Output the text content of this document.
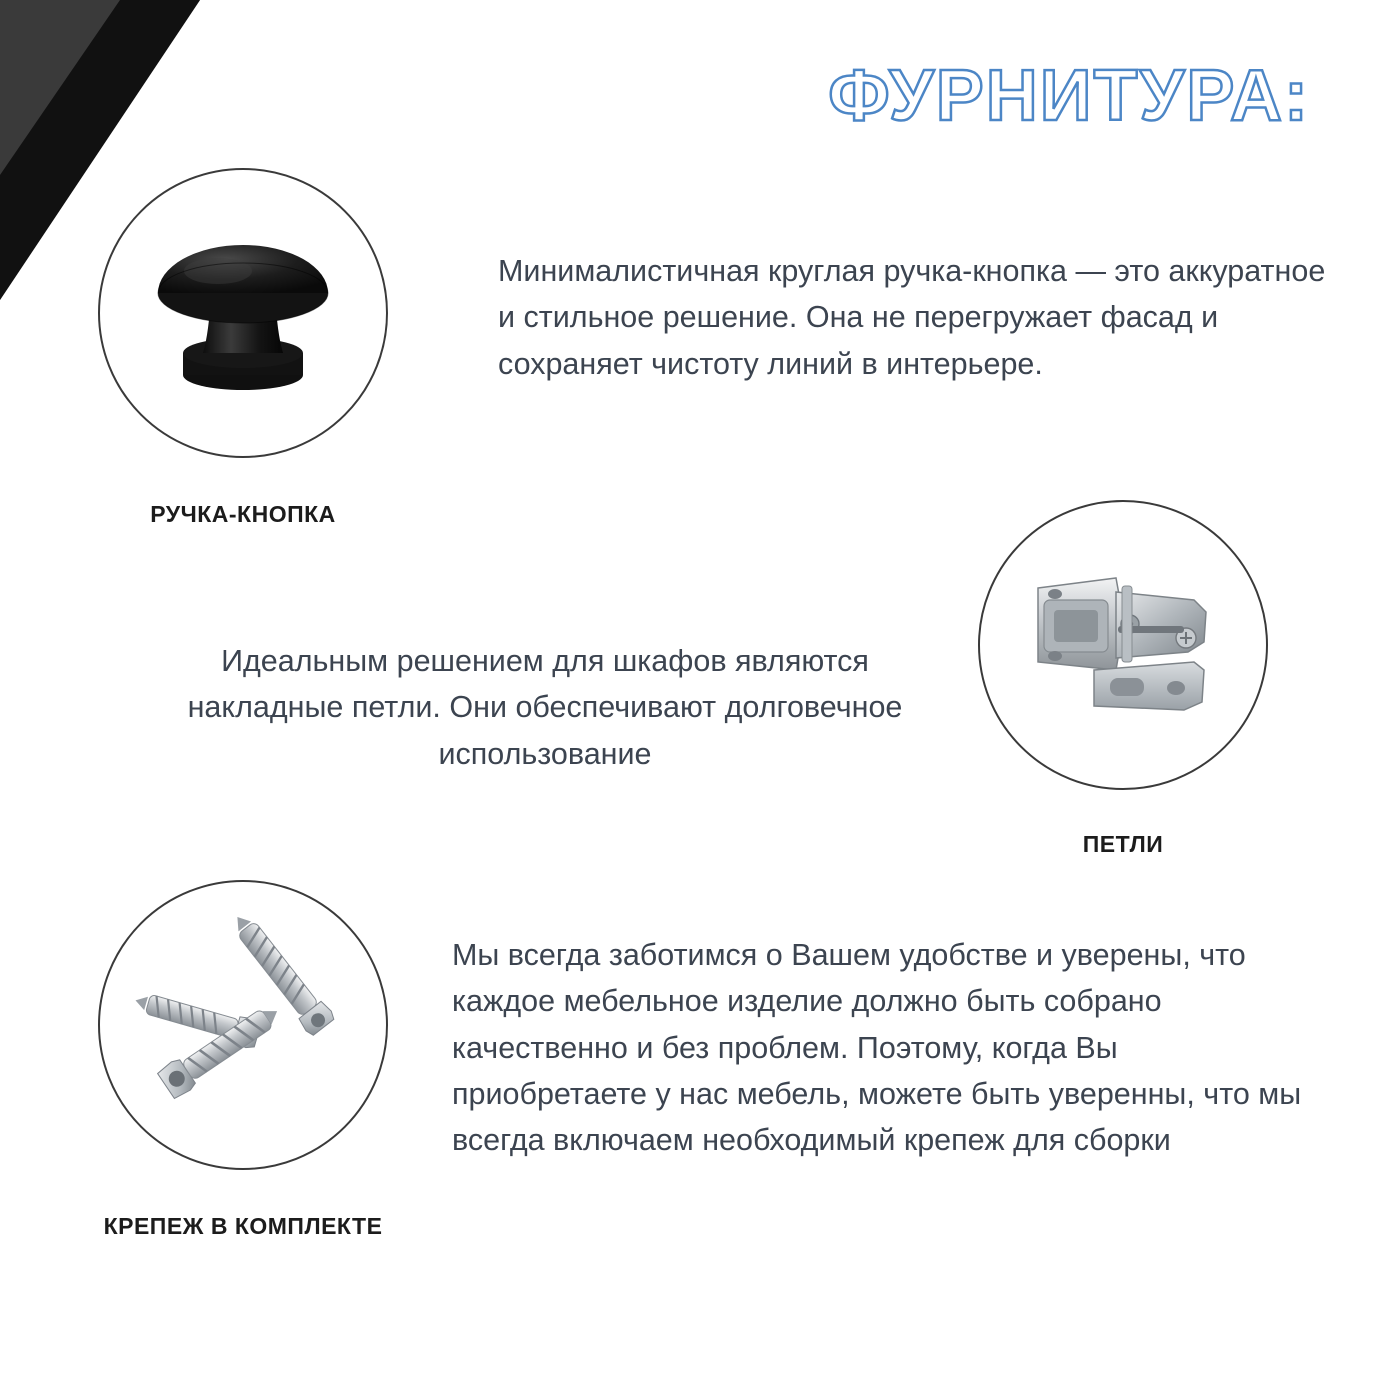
ФУРНИТУРА:
РУЧКА-КНОПКА
Минималистичная круглая ручка-кнопка — это аккуратное и стильное решение. Она не перегружает фасад и сохраняет чистоту линий в интерьере.
ПЕТЛИ
Идеальным решением для шкафов являются накладные петли. Они обеспечивают долговечное использование
КРЕПЕЖ В КОМПЛЕКТЕ
Мы всегда заботимся о Вашем удобстве и уверены, что каждое мебельное изделие должно быть собрано качественно и без проблем. Поэтому, когда Вы приобретаете у нас мебель, можете быть уверенны, что мы всегда включаем необходимый крепеж для сборки
